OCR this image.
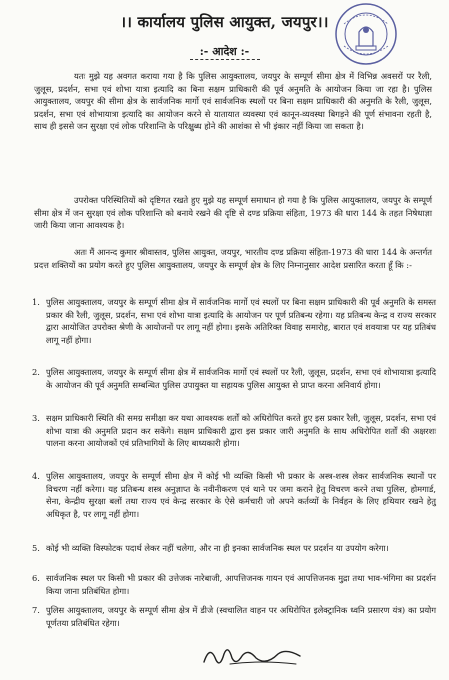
।। कार्यालय पुलिस आयुक्त, जयपुर।।
:- आदेश :-
यतः मुझे यह अवगत कराया गया है कि पुलिस आयुक्तालय, जयपुर के सम्पूर्ण सीमा क्षेत्र में विभिन्न अवसरों पर रैली, जुलूस, प्रदर्शन, सभा एवं शोभा यात्रा इत्यादि का बिना सक्षम प्राधिकारी की पूर्व अनुमति के आयोजन किया जा रहा है। पुलिस आयुक्तालय, जयपुर की सीमा क्षेत्र के सार्वजनिक मार्गो एवं सार्वजनिक स्थलों पर बिना सक्षम प्राधिकारी की अनुमति के रैली, जुलूस, प्रदर्शन, सभा एवं शोभायात्रा इत्यादि का आयोजन करने से यातायात व्यवस्था एवं कानून-व्यवस्था बिगड़ने की पूर्ण संभावना रहती है, साथ ही इससे जन सुरक्षा एवं लोक परिशान्ति के परिक्षुब्ध होने की आशंका से भी इंकार नहीं किया जा सकता है।
उपरोक्त परिस्थितियों को दृष्टिगत रखते हुए मुझे यह सम्पूर्ण समाधान हो गया है कि पुलिस आयुक्तालय, जयपुर के सम्पूर्ण सीमा क्षेत्र में जन सुरक्षा एवं लोक परिशान्ति को बनाये रखने की दृष्टि से दण्ड प्रक्रिया संहिता, 1973 की धारा 144 के तहत निषेधाज्ञा जारी किया जाना आवश्यक है।
अतः मैं आनन्द कुमार श्रीवास्तव, पुलिस आयुक्त, जयपुर, भारतीय दण्ड प्रक्रिया संहिता-1973 की धारा 144 के अन्तर्गत प्रदत्त शक्तियों का प्रयोग करते हुए पुलिस आयुक्तालय, जयपुर के सम्पूर्ण क्षेत्र के लिए निम्नानुसार आदेश प्रसारित करता हूँ कि :-
1. पुलिस आयुक्तालय, जयपुर के सम्पूर्ण सीमा क्षेत्र में सार्वजनिक मार्गो एवं स्थलों पर बिना सक्षम प्राधिकारी की पूर्व अनुमति के समस्त प्रकार की रैली, जुलूस, प्रदर्शन, सभा एवं शोभा यात्रा इत्यादि के आयोजन पर पूर्ण प्रतिबन्ध रहेगा। यह प्रतिबन्ध केन्द्र व राज्य सरकार द्वारा आयोजित उपरोक्त श्रेणी के आयोजनों पर लागू नहीं होगा। इसके अतिरिक्त विवाह समारोह, बारात एवं शवयात्रा पर यह प्रतिबंध लागू नहीं होगा।
2. पुलिस आयुक्तालय, जयपुर के सम्पूर्ण सीमा क्षेत्र में सार्वजनिक मार्गो एवं स्थलों पर रैली, जुलूस, प्रदर्शन, सभा एवं शोभायात्रा इत्यादि के आयोजन की पूर्व अनुमति सम्बन्धित पुलिस उपायुक्त या सहायक पुलिस आयुक्त से प्राप्त करना अनिवार्य होगा।
3. सक्षम प्राधिकारी स्थिति की समग्र समीक्षा कर यथा आवश्यक शर्तों को अधिरोपित करते हुए इस प्रकार रैली, जुलूस, प्रदर्शन, सभा एवं शोभा यात्रा की अनुमति प्रदान कर सकेंगे। सक्षम प्राधिकारी द्वारा इस प्रकार जारी अनुमति के साथ अधिरोपित शर्तों की अक्षरशः पालना करना आयोजकों एवं प्रतिभागियों के लिए बाध्यकारी होगा।
4. पुलिस आयुक्तालय, जयपुर के सम्पूर्ण सीमा क्षेत्र में कोई भी व्यक्ति किसी भी प्रकार के अस्त्र-शस्त्र लेकर सार्वजनिक स्थानों पर विचरण नहीं करेगा। यह प्रतिबन्ध शस्त्र अनुज्ञाप्त के नवीनीकरण एवं थाने पर जमा कराने हेतु विचरण करने तथा पुलिस, होमगार्ड, सेना, केन्द्रीय सुरक्षा बलों तथा राज्य एवं केन्द्र सरकार के ऐसे कर्मचारी जो अपने कर्तव्यों के निर्वहन के लिए हथियार रखने हेतु अधिकृत है, पर लागू नहीं होगा।
5. कोई भी व्यक्ति विस्फोटक पदार्थ लेकर नहीं चलेगा, और ना ही इनका सार्वजनिक स्थल पर प्रदर्शन या उपयोग करेगा।
6. सार्वजनिक स्थल पर किसी भी प्रकार की उत्तेजक नारेबाजी, आपत्तिजनक गायन एवं आपत्तिजनक मुद्रा तथा भाव-भंगिमा का प्रदर्शन किया जाना प्रतिबंधित होगा।
7. पुलिस आयुक्तालय, जयपुर के सम्पूर्ण सीमा क्षेत्र में डीजे (स्वचालित वाहन पर अधिरोपित इलेक्ट्रानिक ध्वनि प्रसारण यंत्र) का प्रयोग पूर्णतया प्रतिबंधित रहेगा।
